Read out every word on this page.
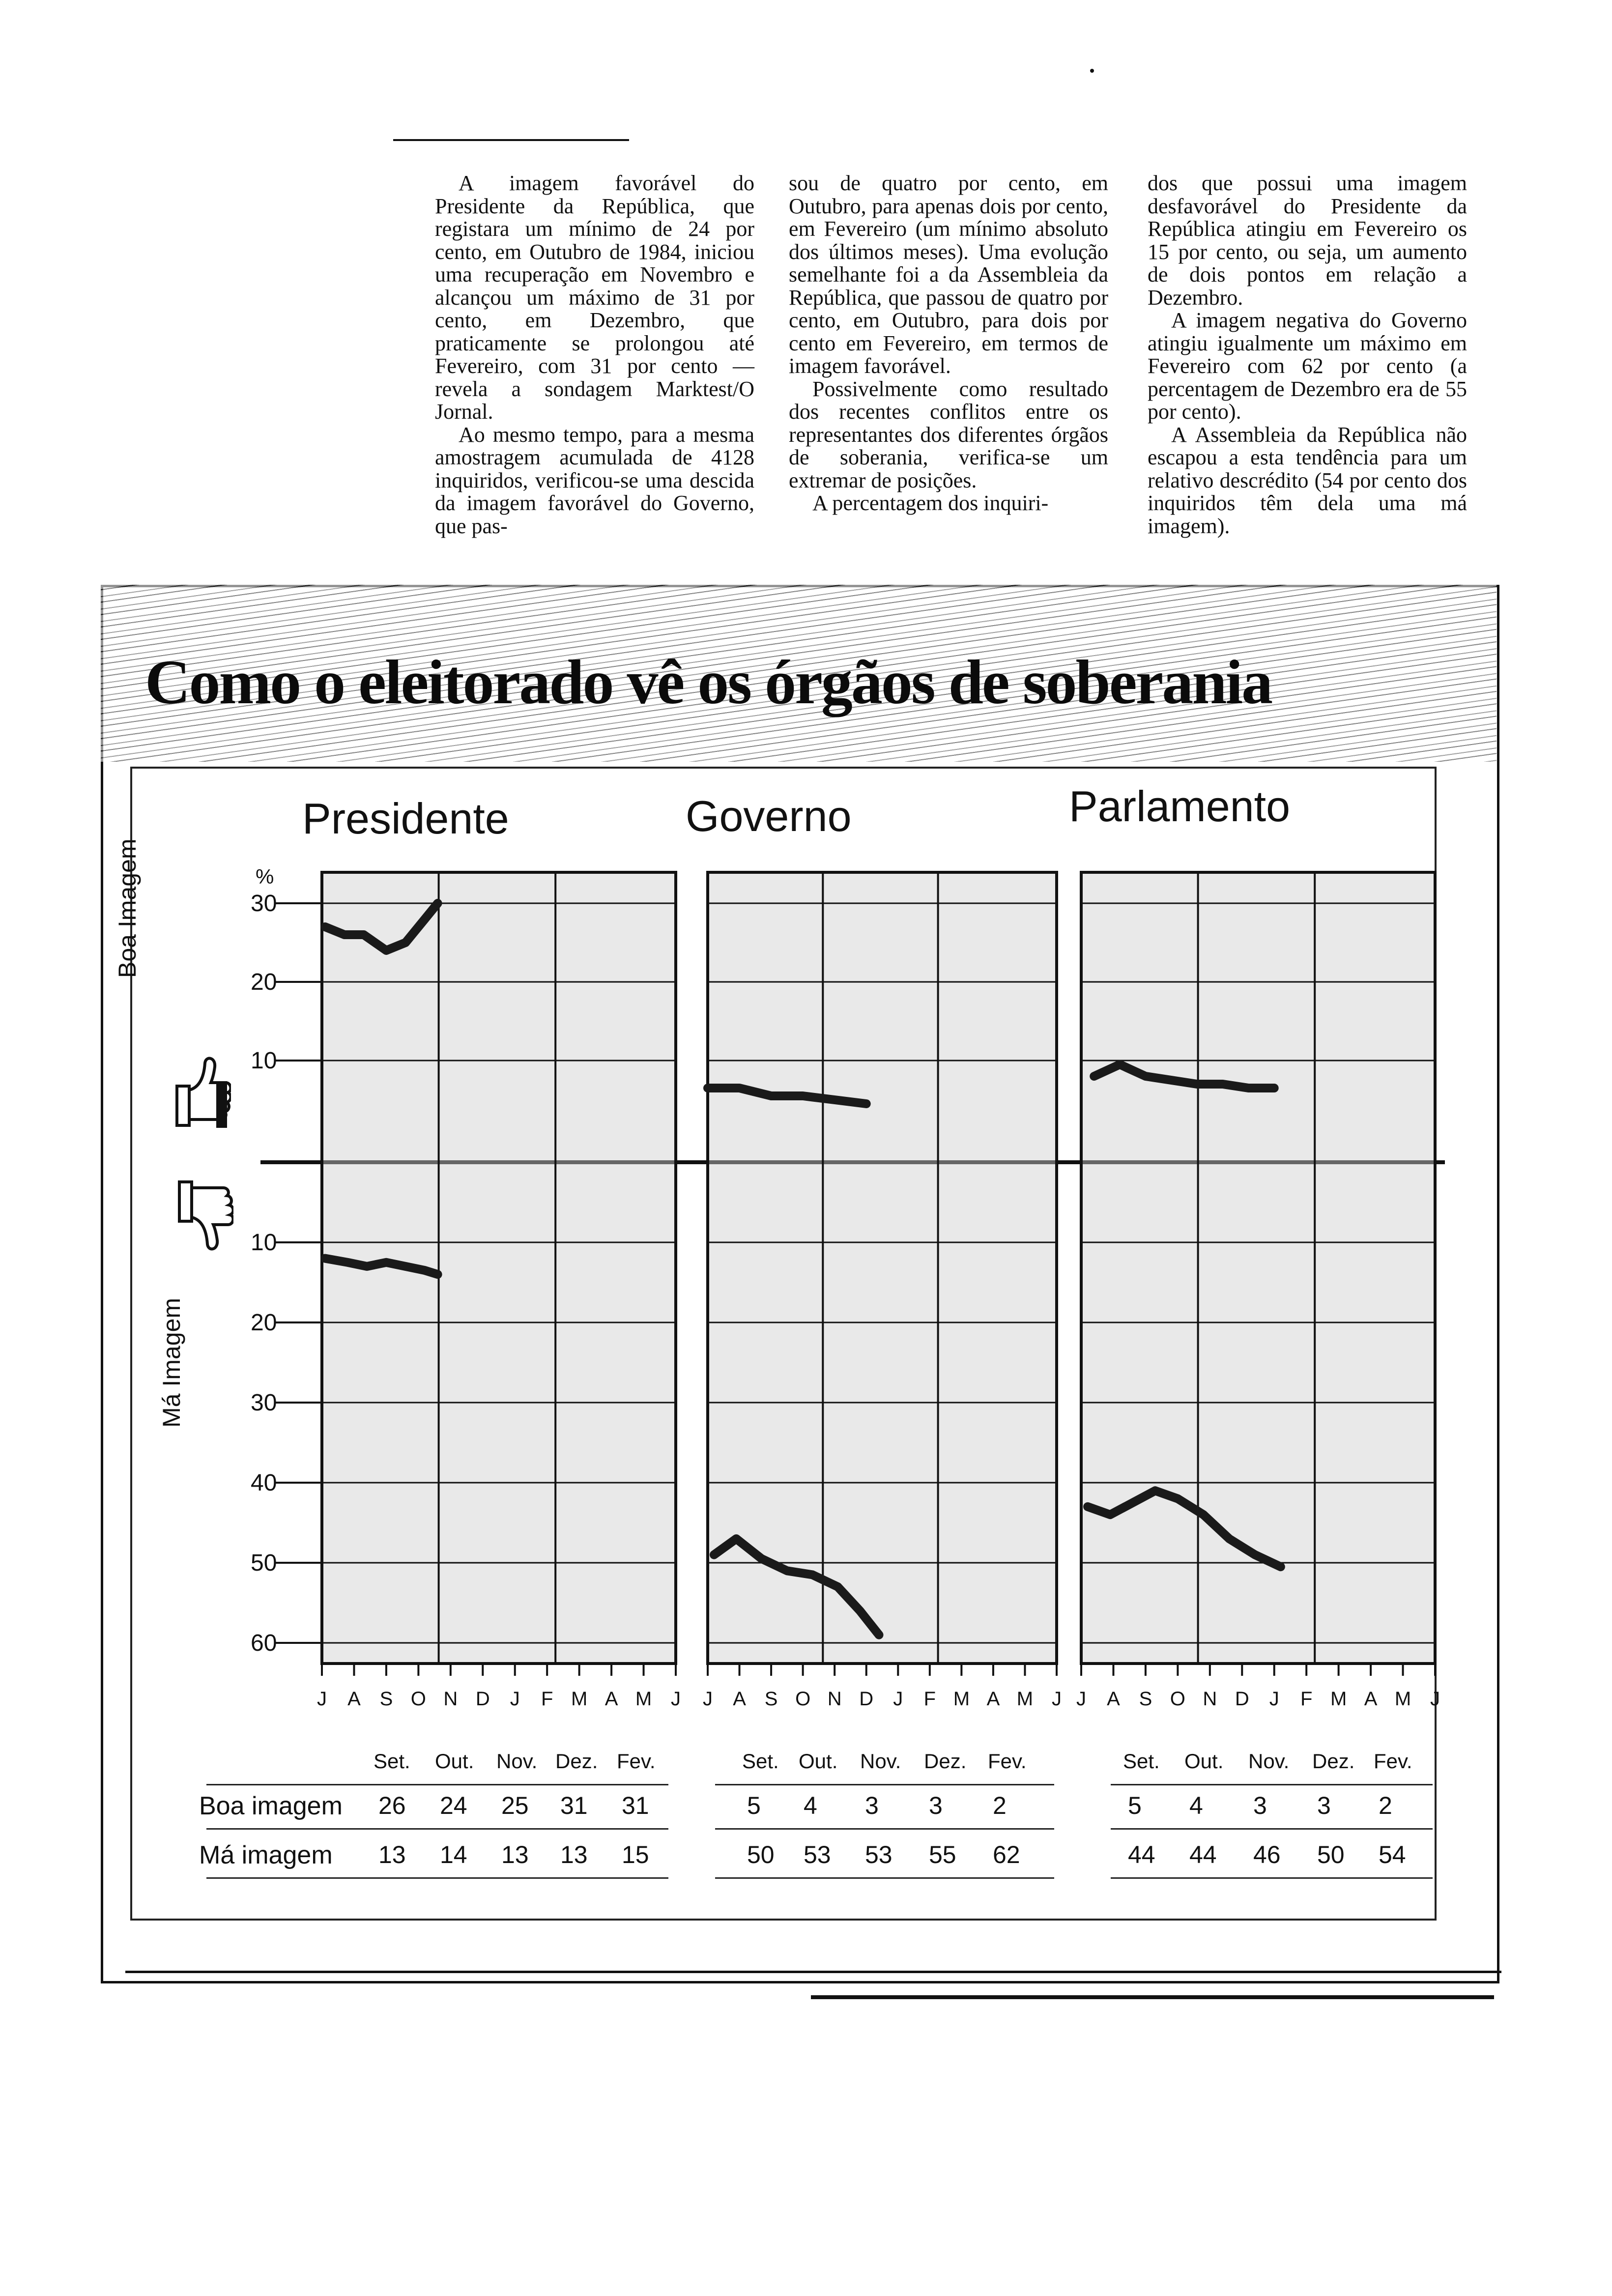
A imagem favorável do Presidente da República, que registara um mínimo de 24 por cento, em Outubro de 1984, iniciou uma recuperação em Novembro e alcançou um máximo de 31 por cento, em Dezembro, que praticamente se prolongou até Fevereiro, com 31 por cento — revela a sondagem Marktest/O Jornal.

Ao mesmo tempo, para a mesma amostragem acumulada de 4128 inquiridos, verificou-se uma descida da imagem favorável do Governo, que pas-

sou de quatro por cento, em Outubro, para apenas dois por cento, em Fevereiro (um mínimo absoluto dos últimos meses). Uma evolução semelhante foi a da Assembleia da República, que passou de quatro por cento, em Outubro, para dois por cento em Fevereiro, em termos de imagem favorável.

Possivelmente como resultado dos recentes conflitos entre os representantes dos diferentes órgãos de soberania, verifica-se um extremar de posições.

A percentagem dos inquiri-

dos que possui uma imagem desfavorável do Presidente da República atingiu em Fevereiro os 15 por cento, ou seja, um aumento de dois pontos em relação a Dezembro.

A imagem negativa do Governo atingiu igualmente um máximo em Fevereiro com 62 por cento (a percentagem de Dezembro era de 55 por cento).

A Assembleia da República não escapou a esta tendência para um relativo descrédito (54 por cento dos inquiridos têm dela uma má imagem).

Como o eleitorado vê os órgãos de soberania
Presidente	Governo	Parlamento
Boa Imagem
Má Imagem
%
10
20
30
10
20
30
40
50
60
J A S O N D J F M A M J J A S O N D J F M A M J J A S O N D J F M A M J
Set. Out. Nov. Dez. Fev.
Boa imagem 26 24 25 31 31
Má imagem 13 14 13 13 15
Set. Out. Nov. Dez. Fev.
5 4 3 3 2
50 53 53 55 62
Set. Out. Nov. Dez. Fev.
5 4 3 3 2
44 44 46 50 54
